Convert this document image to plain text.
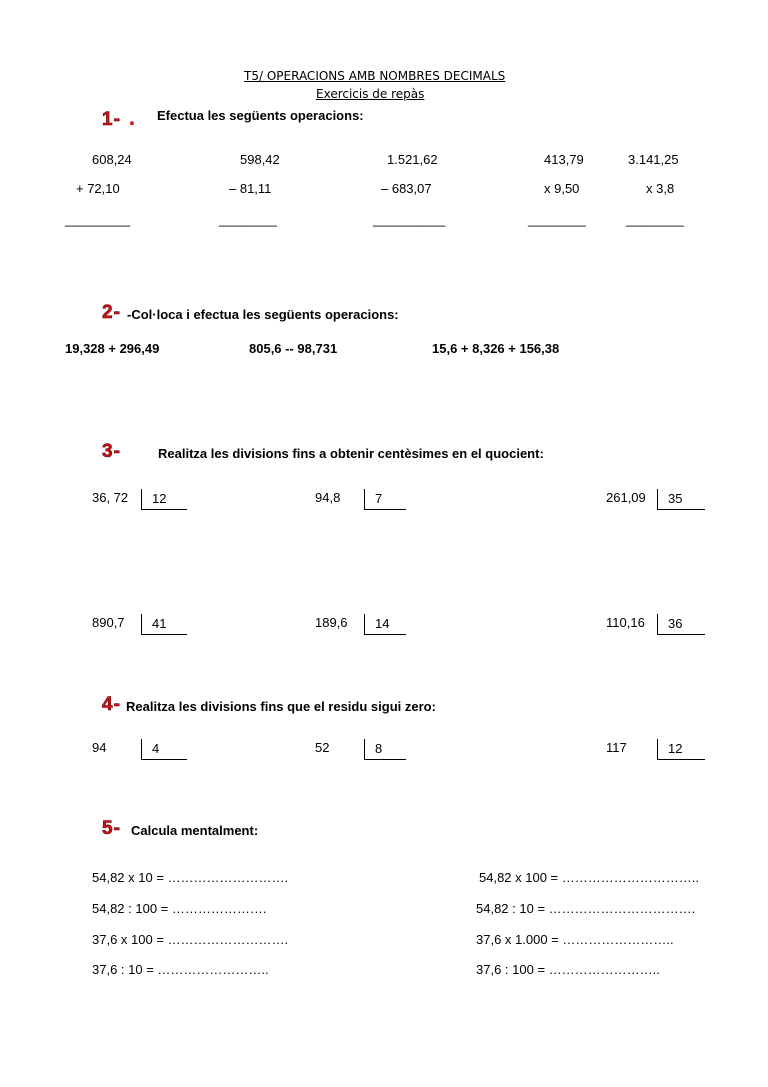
T5/ OPERACIONS AMB NOMBRES DECIMALS
Exercicis de repàs
1- . Efectua les següents operacions:
608,24
+ 72,10
_________
598,42
– 81,11
________
1.521,62
– 683,07
__________
413,79
x 9,50
________
3.141,25
x 3,8
________
2- -Col·loca i efectua les següents operacions:
19,328 + 296,49	805,6 -- 98,731	15,6 + 8,326 + 156,38
3-	Realitza les divisions fins a obtenir centèsimes en el quocient:
36, 72 12	94,8	7	261,09 35
890,7 41	189,6 14	110,16 36
4- Realitza les divisions fins que el residu sigui zero:
94	4	52	8	117	12
5- Calcula mentalment:
54,82 x 10 = ……………………….
54,82 : 100 = ………………….
37,6 x 100 = ……………………….
37,6 : 10 = ……………………..
54,82 x 100 = …………………………..
54,82 : 10 = …………………………….
37,6 x 1.000 = ……………………..
37,6 : 100 = ……………………..
